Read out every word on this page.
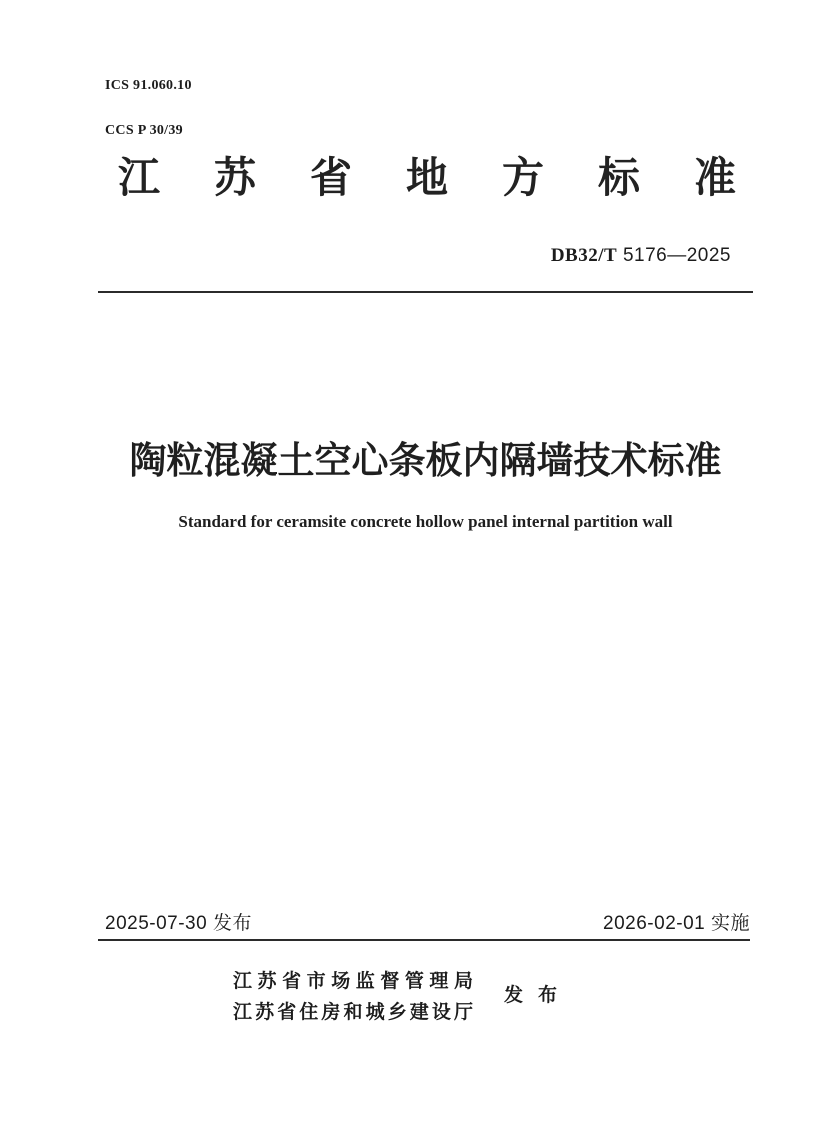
ICS 91.060.10

CCS P 30/39

江苏省地方标准
DB32/T 5176—2025
陶粒混凝土空心条板内隔墙技术标准
Standard for ceramsite concrete hollow panel internal partition wall
2025-07-30 发布	2026-02-01 实施
江苏省市场监督管理局
江苏省住房和城乡建设厅
发布
